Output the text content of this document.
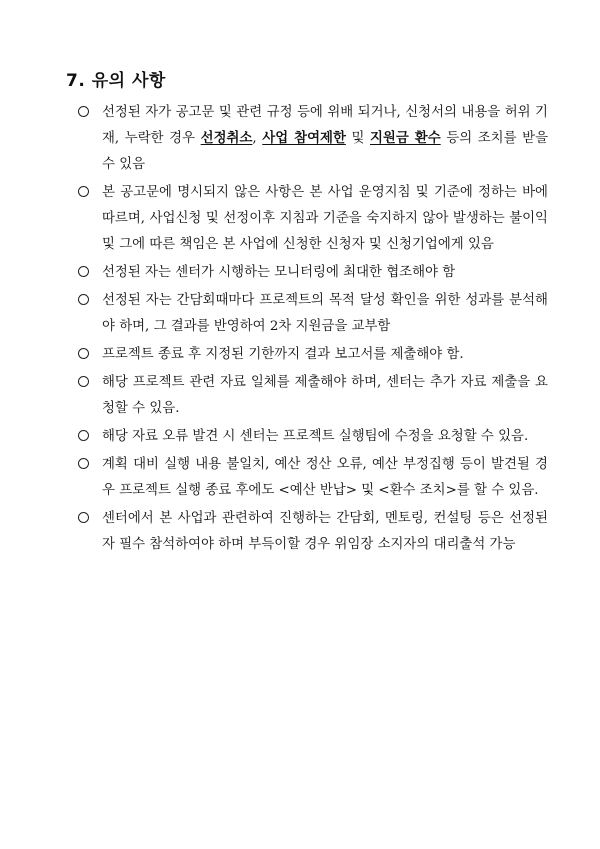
7. 유의 사항
선정된 자가 공고문 및 관련 규정 등에 위배 되거나, 신청서의 내용을 허위 기재, 누락한 경우 선정취소, 사업 참여제한 및 지원금 환수 등의 조치를 받을 수 있음
본 공고문에 명시되지 않은 사항은 본 사업 운영지침 및 기준에 정하는 바에 따르며, 사업신청 및 선정이후 지침과 기준을 숙지하지 않아 발생하는 불이익 및 그에 따른 책임은 본 사업에 신청한 신청자 및 신청기업에게 있음
선정된 자는 센터가 시행하는 모니터링에 최대한 협조해야 함
선정된 자는 간담회때마다 프로젝트의 목적 달성 확인을 위한 성과를 분석해야 하며, 그 결과를 반영하여 2차 지원금을 교부함
프로젝트 종료 후 지정된 기한까지 결과 보고서를 제출해야 함.
해당 프로젝트 관련 자료 일체를 제출해야 하며, 센터는 추가 자료 제출을 요청할 수 있음.
해당 자료 오류 발견 시 센터는 프로젝트 실행팀에 수정을 요청할 수 있음.
계획 대비 실행 내용 불일치, 예산 정산 오류, 예산 부정집행 등이 발견될 경우 프로젝트 실행 종료 후에도 <예산 반납> 및 <환수 조치>를 할 수 있음.
센터에서 본 사업과 관련하여 진행하는 간담회, 멘토링, 컨설팅 등은 선정된 자 필수 참석하여야 하며 부득이할 경우 위임장 소지자의 대리출석 가능
